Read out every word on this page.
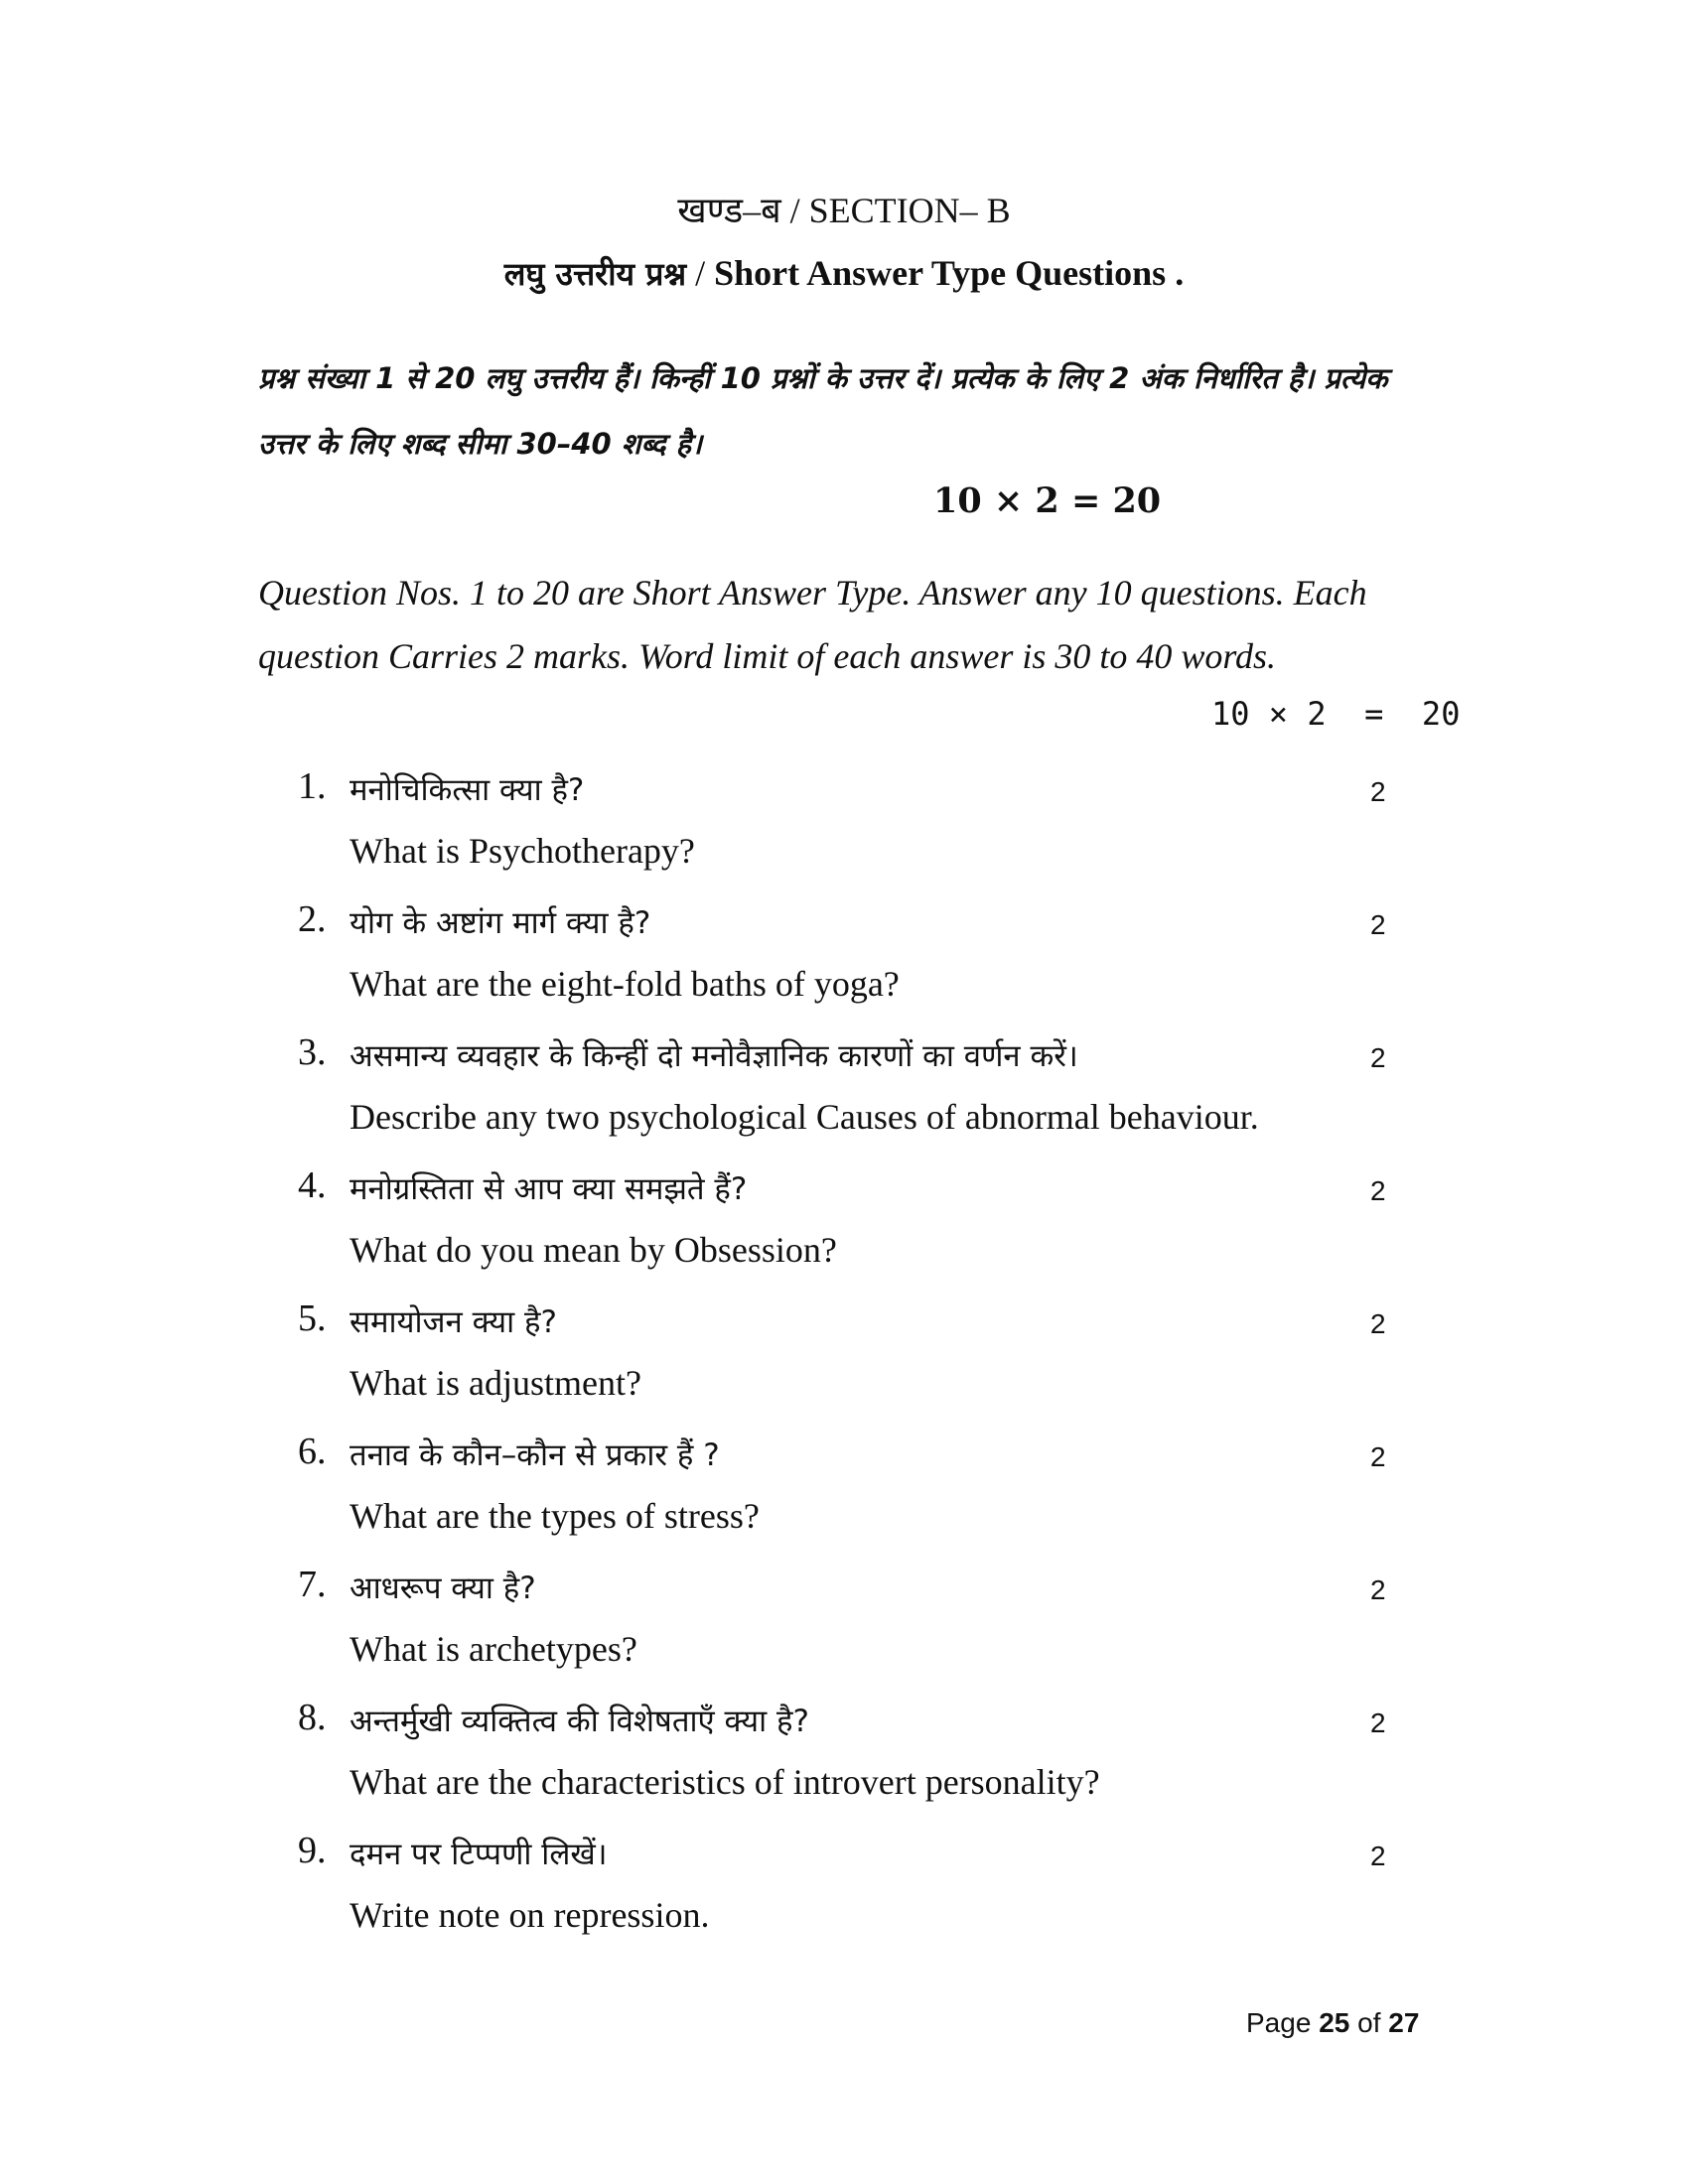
खण्ड–ब / SECTION– B
लघु उत्तरीय प्रश्न / Short Answer Type Questions .
प्रश्न संख्या 1 से 20 लघु उत्तरीय हैं। किन्हीं 10 प्रश्नों के उत्तर दें। प्रत्येक के लिए 2 अंक निर्धारित है। प्रत्येक उत्तर के लिए शब्द सीमा 30–40 शब्द है।
10 × 2 = 20
Question Nos. 1 to 20 are Short Answer Type. Answer any 10 questions. Each question Carries 2 marks. Word limit of each answer is 30 to 40 words.
10 × 2  =  20
1. मनोचिकित्सा क्या है?
What is Psychotherapy?
2
2. योग के अष्टांग मार्ग क्या है?
What are the eight-fold baths of yoga?
2
3. असमान्य व्यवहार के किन्हीं दो मनोवैज्ञानिक कारणों का वर्णन करें।
Describe any two psychological Causes of abnormal behaviour.
2
4. मनोग्रस्तिता से आप क्या समझते हैं?
What do you mean by Obsession?
2
5. समायोजन क्या है?
What is adjustment?
2
6. तनाव के कौन–कौन से प्रकार हैं ?
What are the types of stress?
2
7. आधरूप क्या है?
What is archetypes?
2
8. अन्तर्मुखी व्यक्तित्व की विशेषताएँ क्या है?
What are the characteristics of introvert personality?
2
9. दमन पर टिप्पणी लिखें।
Write note on repression.
2
Page 25 of 27
